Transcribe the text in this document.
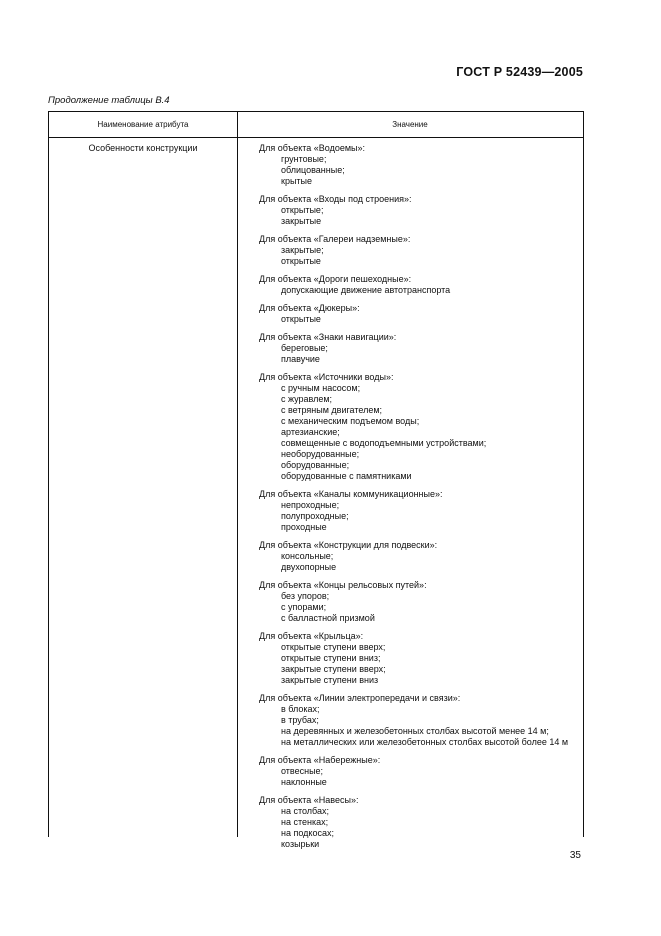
ГОСТ Р 52439—2005
Продолжение таблицы В.4
Наименование атрибута	Значение
Особенности конструкции	Для объекта «Водоемы»:
грунтовые;
облицованные;
крытые
Для объекта «Входы под строения»:
открытые;
закрытые
Для объекта «Галереи надземные»:
закрытые;
открытые
Для объекта «Дороги пешеходные»:
допускающие движение автотранспорта
Для объекта «Дюкеры»:
открытые
Для объекта «Знаки навигации»:
береговые;
плавучие
Для объекта «Источники воды»:
с ручным насосом;
с журавлем;
с ветряным двигателем;
с механическим подъемом воды;
артезианские;
совмещенные с водоподъемными устройствами;
необорудованные;
оборудованные;
оборудованные с памятниками
Для объекта «Каналы коммуникационные»:
непроходные;
полупроходные;
проходные
Для объекта «Конструкции для подвески»:
консольные;
двухопорные
Для объекта «Концы рельсовых путей»:
без упоров;
с упорами;
с балластной призмой
Для объекта «Крыльца»:
открытые ступени вверх;
открытые ступени вниз;
закрытые ступени вверх;
закрытые ступени вниз
Для объекта «Линии электропередачи и связи»:
в блоках;
в трубах;
на деревянных и железобетонных столбах высотой менее 14 м;
на металлических или железобетонных столбах высотой более 14 м
Для объекта «Набережные»:
отвесные;
наклонные
Для объекта «Навесы»:
на столбах;
на стенках;
на подкосах;
козырьки
35
